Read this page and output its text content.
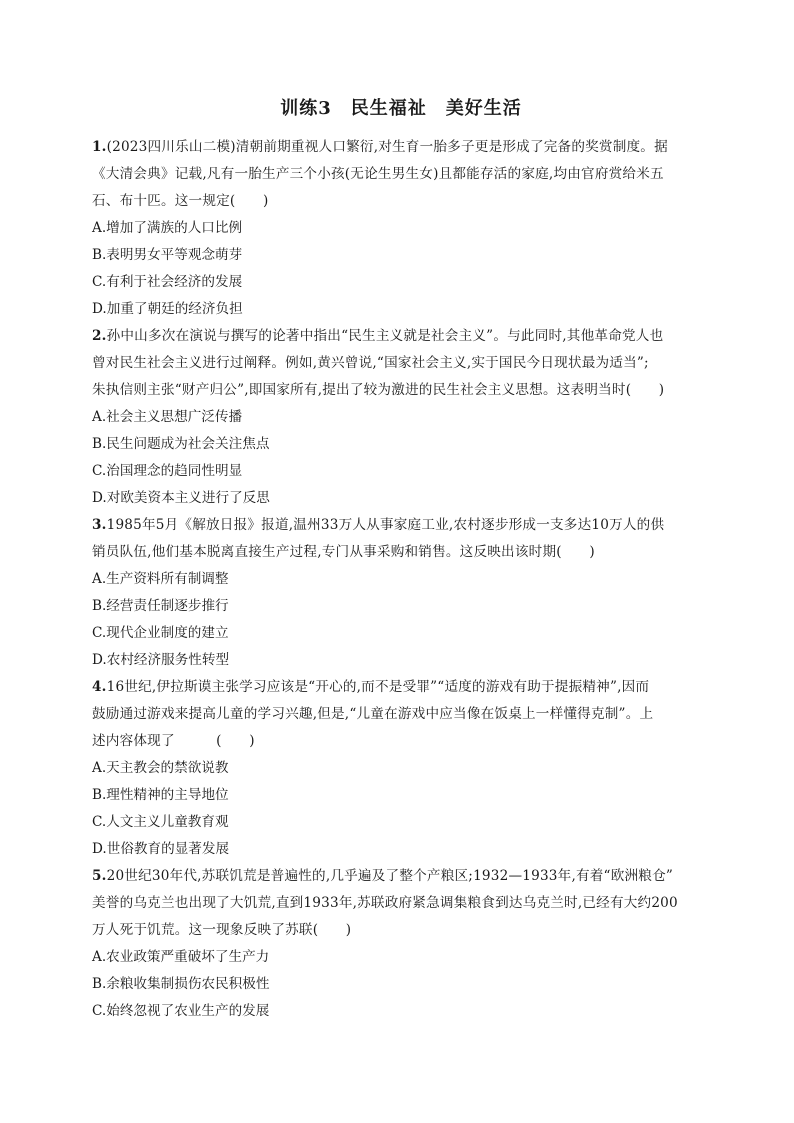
训练3　民生福祉　美好生活
1.(2023四川乐山二模)清朝前期重视人口繁衍,对生育一胎多子更是形成了完备的奖赏制度。据
《大清会典》记载,凡有一胎生产三个小孩(无论生男生女)且都能存活的家庭,均由官府赏给米五
石、布十匹。这一规定(　　)
A.增加了满族的人口比例
B.表明男女平等观念萌芽
C.有利于社会经济的发展
D.加重了朝廷的经济负担
2.孙中山多次在演说与撰写的论著中指出“民生主义就是社会主义”。与此同时,其他革命党人也
曾对民生社会主义进行过阐释。例如,黄兴曾说,“国家社会主义,实于国民今日现状最为适当”;
朱执信则主张“财产归公”,即国家所有,提出了较为激进的民生社会主义思想。这表明当时(　　)
A.社会主义思想广泛传播
B.民生问题成为社会关注焦点
C.治国理念的趋同性明显
D.对欧美资本主义进行了反思
3.1985年5月《解放日报》报道,温州33万人从事家庭工业,农村逐步形成一支多达10万人的供
销员队伍,他们基本脱离直接生产过程,专门从事采购和销售。这反映出该时期(　　)
A.生产资料所有制调整
B.经营责任制逐步推行
C.现代企业制度的建立
D.农村经济服务性转型
4.16世纪,伊拉斯谟主张学习应该是“开心的,而不是受罪”“适度的游戏有助于提振精神”,因而
鼓励通过游戏来提高儿童的学习兴趣,但是,“儿童在游戏中应当像在饭桌上一样懂得克制”。上
述内容体现了　　　(　　)
A.天主教会的禁欲说教
B.理性精神的主导地位
C.人文主义儿童教育观
D.世俗教育的显著发展
5.20世纪30年代,苏联饥荒是普遍性的,几乎遍及了整个产粮区;1932—1933年,有着“欧洲粮仓”
美誉的乌克兰也出现了大饥荒,直到1933年,苏联政府紧急调集粮食到达乌克兰时,已经有大约200
万人死于饥荒。这一现象反映了苏联(　　)
A.农业政策严重破坏了生产力
B.余粮收集制损伤农民积极性
C.始终忽视了农业生产的发展
